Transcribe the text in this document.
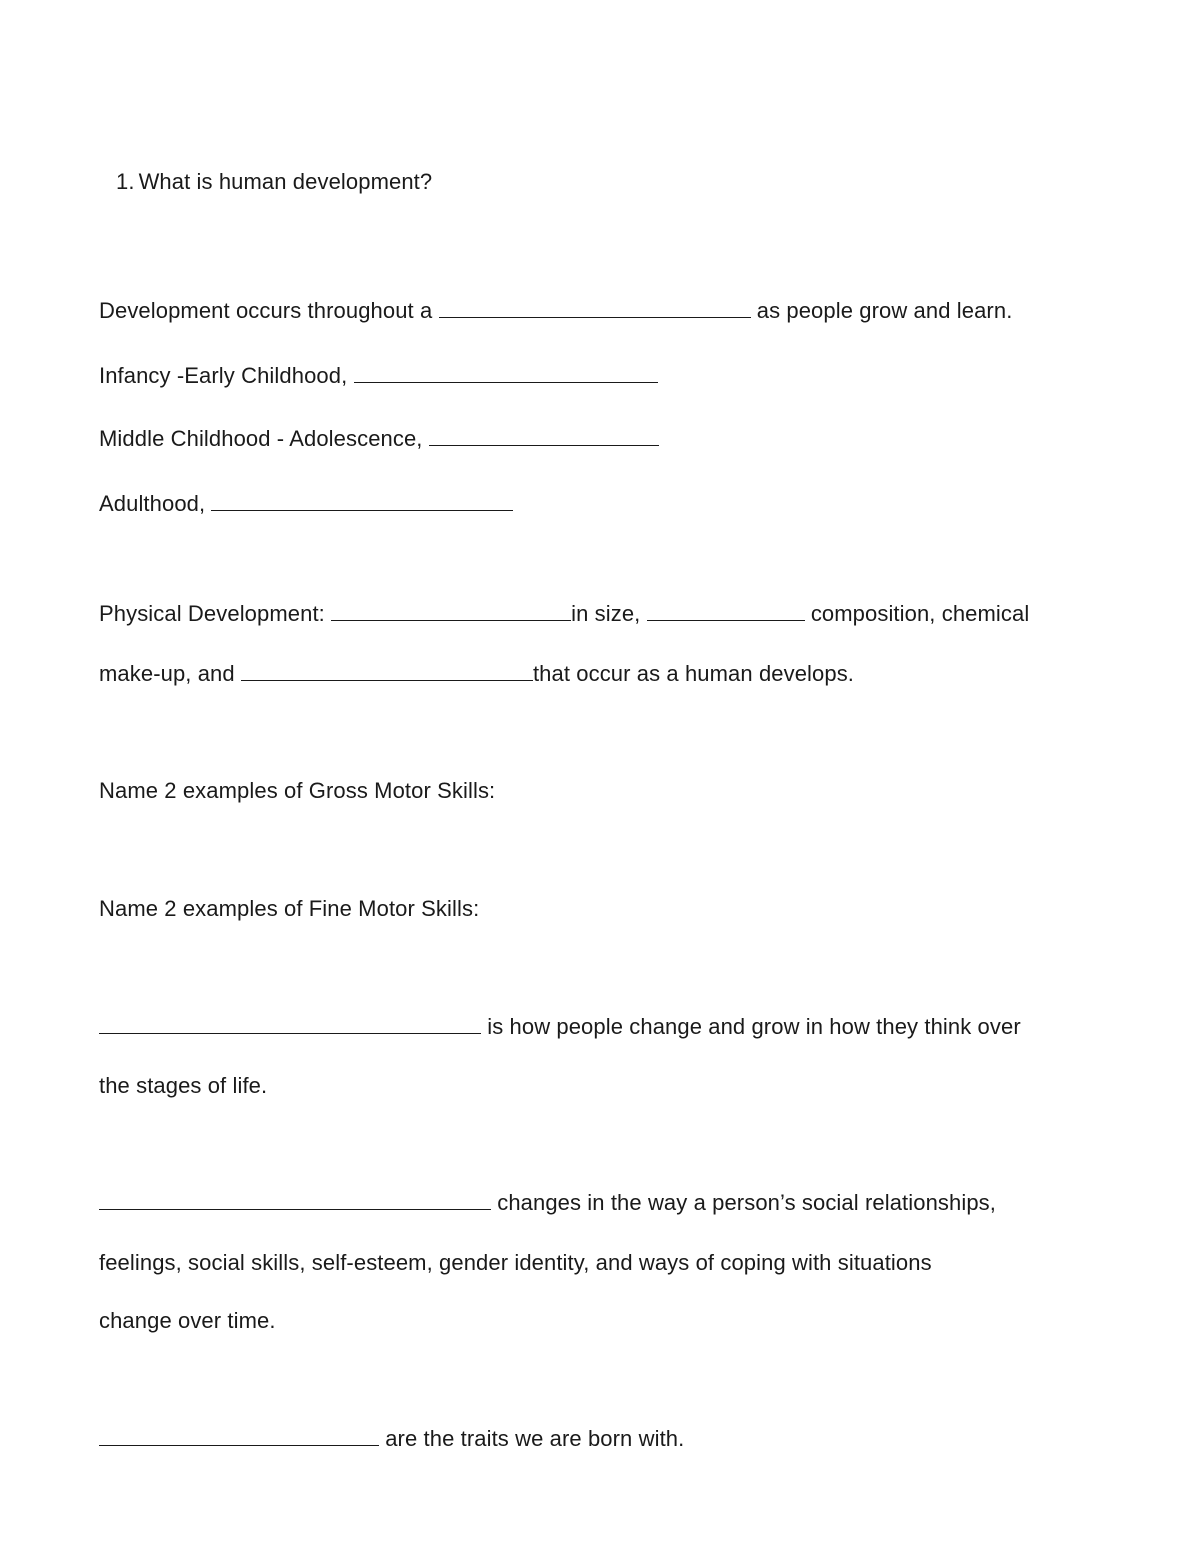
1. What is human development?
Development occurs throughout a	as people grow and learn.
Infancy -Early Childhood,
Middle Childhood - Adolescence,
Adulthood,
Physical Development:	in size,	composition, chemical
make-up, and	that occur as a human develops.
Name 2 examples of Gross Motor Skills:
Name 2 examples of Fine Motor Skills:
is how people change and grow in how they think over
the stages of life.
changes in the way a person’s social relationships,
feelings, social skills, self-esteem, gender identity, and ways of coping with situations
change over time.
are the traits we are born with.
